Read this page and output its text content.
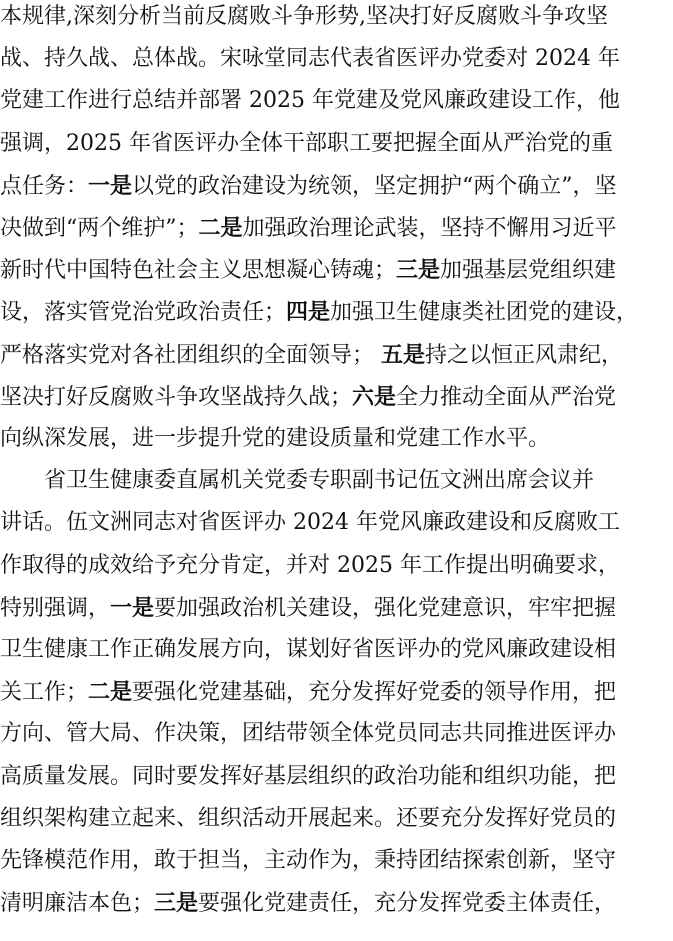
本规律,深刻分析当前反腐败斗争形势,坚决打好反腐败斗争攻坚
战、持久战、总体战。宋咏堂同志代表省医评办党委对 2024 年
党建工作进行总结并部署 2025 年党建及党风廉政建设工作，他
强调，2025 年省医评办全体干部职工要把握全面从严治党的重
点任务：一是以党的政治建设为统领，坚定拥护“两个确立”，坚
决做到“两个维护”；二是加强政治理论武装，坚持不懈用习近平
新时代中国特色社会主义思想凝心铸魂；三是加强基层党组织建
设，落实管党治党政治责任；四是加强卫生健康类社团党的建设，
严格落实党对各社团组织的全面领导； 五是持之以恒正风肃纪，
坚决打好反腐败斗争攻坚战持久战；六是全力推动全面从严治党
向纵深发展，进一步提升党的建设质量和党建工作水平。
省卫生健康委直属机关党委专职副书记伍文洲出席会议并
讲话。伍文洲同志对省医评办 2024 年党风廉政建设和反腐败工
作取得的成效给予充分肯定，并对 2025 年工作提出明确要求，
特别强调，一是要加强政治机关建设，强化党建意识，牢牢把握
卫生健康工作正确发展方向，谋划好省医评办的党风廉政建设相
关工作；二是要强化党建基础，充分发挥好党委的领导作用，把
方向、管大局、作决策，团结带领全体党员同志共同推进医评办
高质量发展。同时要发挥好基层组织的政治功能和组织功能，把
组织架构建立起来、组织活动开展起来。还要充分发挥好党员的
先锋模范作用，敢于担当，主动作为，秉持团结探索创新，坚守
清明廉洁本色；三是要强化党建责任，充分发挥党委主体责任，
